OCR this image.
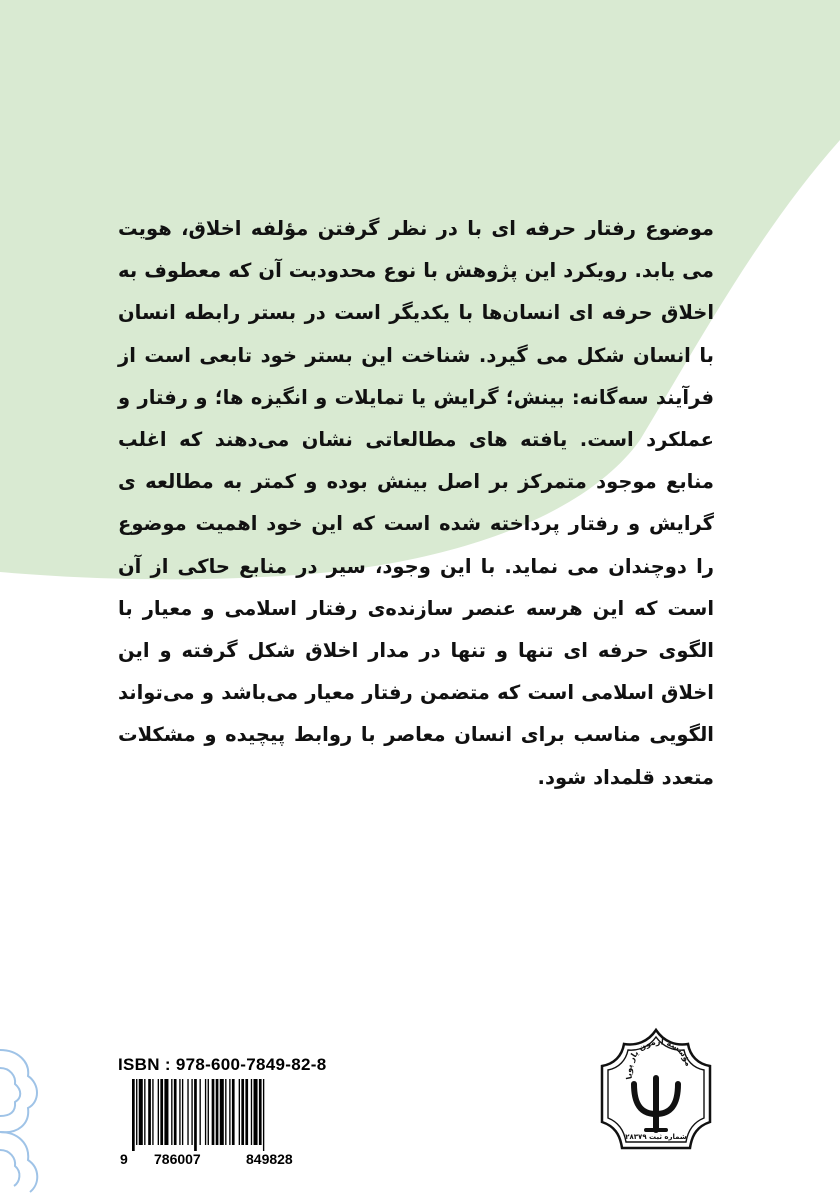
موضوع رفتار حرفه ای با در نظر گرفتن مؤلفه اخلاق، هویت می یابد. رویکرد این پژوهش با نوع محدودیت آن که معطوف به اخلاق حرفه ای انسان‌ها با یکدیگر است در بستر رابطه انسان با انسان شکل می گیرد. شناخت این بستر خود تابعی است از فرآیند سه‌گانه: بینش؛ گرایش یا تمایلات و انگیزه ها؛ و رفتار و عملکرد است. یافته های مطالعاتی نشان می‌دهند که اغلب منابع موجود متمرکز بر اصل بینش بوده و کمتر به مطالعه ی گرایش و رفتار پرداخته شده است که این خود اهمیت موضوع را دوچندان می نماید. با این وجود، سیر در منابع حاکی از آن است که این هرسه عنصر سازنده‌ی رفتار اسلامی و معیار با الگوی حرفه ای تنها و تنها در مدار اخلاق شکل گرفته و این اخلاق اسلامی است که متضمن رفتار معیار می‌باشد و می‌تواند الگویی مناسب برای انسان معاصر با روابط پیچیده و مشکلات متعدد قلمداد شود.

ISBN : 978-600-7849-82-8
9 786007	849828
مؤسسه آزمون یار پویا
شماره ثبت ۲۸۳۷۹
